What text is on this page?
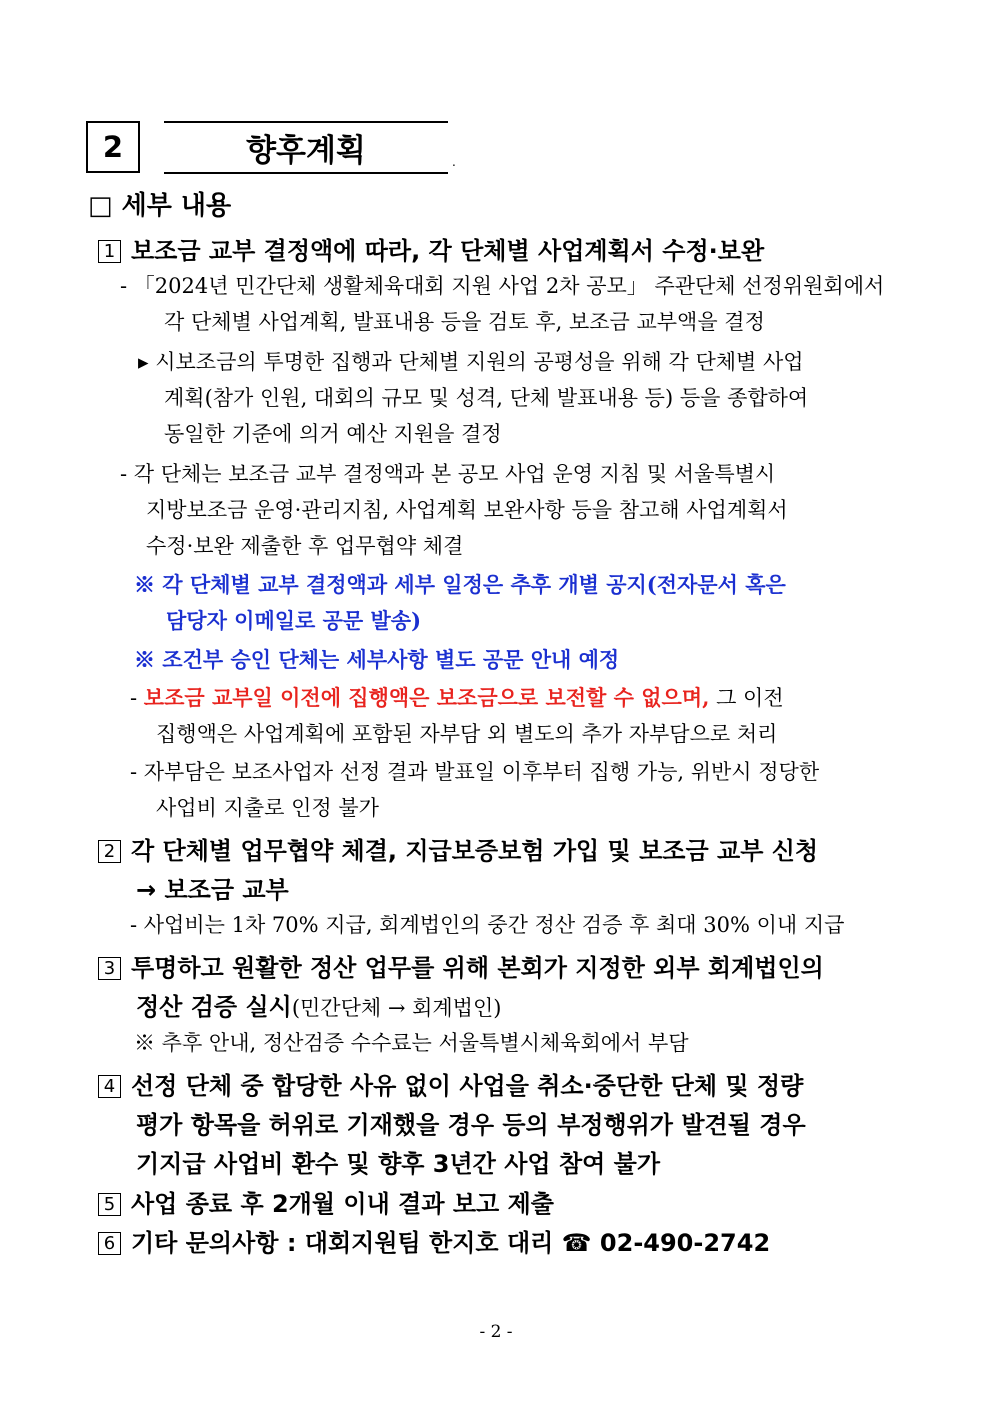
2	향후계획	.
□ 세부 내용
1 보조금 교부 결정액에 따라, 각 단체별 사업계획서 수정·보완
- 「2024년 민간단체 생활체육대회 지원 사업 2차 공모」 주관단체 선정위원회에서
각 단체별 사업계획, 발표내용 등을 검토 후, 보조금 교부액을 결정
▸ 시보조금의 투명한 집행과 단체별 지원의 공평성을 위해 각 단체별 사업
계획(참가 인원, 대회의 규모 및 성격, 단체 발표내용 등) 등을 종합하여
동일한 기준에 의거 예산 지원을 결정
- 각 단체는 보조금 교부 결정액과 본 공모 사업 운영 지침 및 서울특별시
지방보조금 운영·관리지침, 사업계획 보완사항 등을 참고해 사업계획서
수정·보완 제출한 후 업무협약 체결
※ 각 단체별 교부 결정액과 세부 일정은 추후 개별 공지(전자문서 혹은
담당자 이메일로 공문 발송)
※ 조건부 승인 단체는 세부사항 별도 공문 안내 예정
- 보조금 교부일 이전에 집행액은 보조금으로 보전할 수 없으며, 그 이전
집행액은 사업계획에 포함된 자부담 외 별도의 추가 자부담으로 처리
- 자부담은 보조사업자 선정 결과 발표일 이후부터 집행 가능, 위반시 정당한
사업비 지출로 인정 불가
2 각 단체별 업무협약 체결, 지급보증보험 가입 및 보조금 교부 신청
→ 보조금 교부
- 사업비는 1차 70% 지급, 회계법인의 중간 정산 검증 후 최대 30% 이내 지급
3 투명하고 원활한 정산 업무를 위해 본회가 지정한 외부 회계법인의
정산 검증 실시(민간단체 → 회계법인)
※ 추후 안내, 정산검증 수수료는 서울특별시체육회에서 부담
4 선정 단체 중 합당한 사유 없이 사업을 취소·중단한 단체 및 정량
평가 항목을 허위로 기재했을 경우 등의 부정행위가 발견될 경우
기지급 사업비 환수 및 향후 3년간 사업 참여 불가
5 사업 종료 후 2개월 이내 결과 보고 제출
6 기타 문의사항 : 대회지원팀 한지호 대리 ☎ 02-490-2742
- 2 -
